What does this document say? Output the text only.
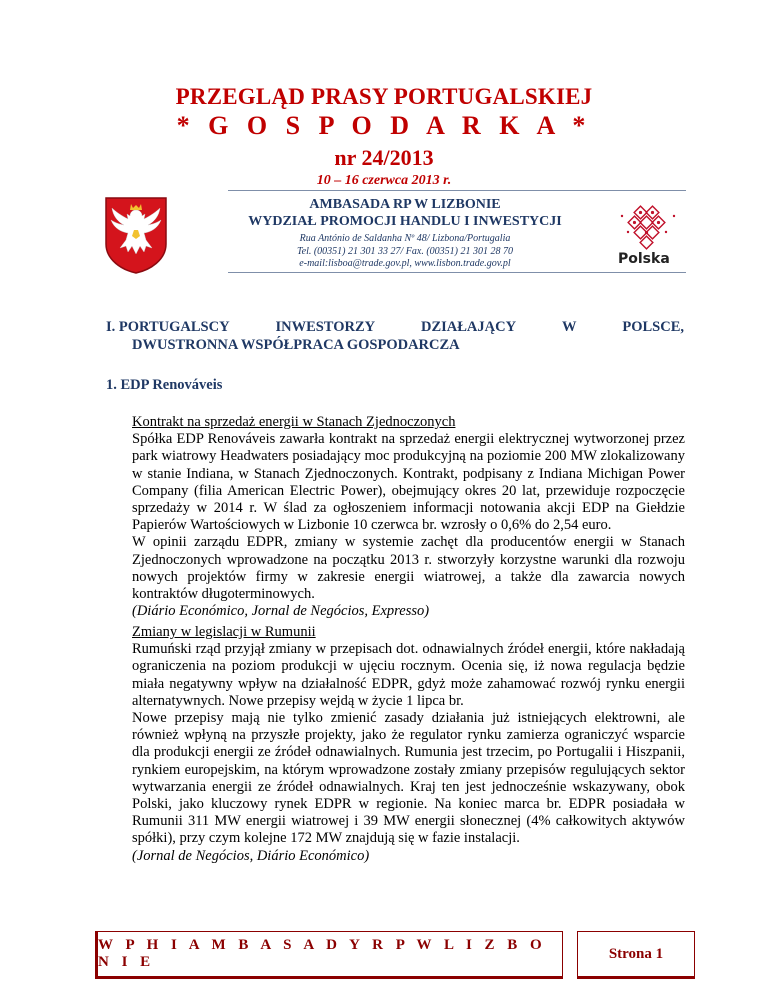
PRZEGLĄD PRASY PORTUGALSKIEJ
* G O S P O D A R K A *
nr 24/2013
10 – 16 czerwca 2013 r.
AMBASADA RP W LIZBONIE
WYDZIAŁ PROMOCJI HANDLU I INWESTYCJI
Rua António de Saldanha Nº 48/ Lizbona/Portugalia
Tel. (00351) 21 301 33 27/ Fax. (00351) 21 301 28 70
e-mail:lisboa@trade.gov.pl, www.lisbon.trade.gov.pl	Polska
I. PORTUGALSCY	INWESTORZY	DZIAŁAJĄCY	W	POLSCE,
DWUSTRONNA WSPÓŁPRACA GOSPODARCZA
1. EDP Renováveis

Kontrakt na sprzedaż energii w Stanach Zjednoczonych

Spółka EDP Renováveis zawarła kontrakt na sprzedaż energii elektrycznej wytworzonej przez park wiatrowy Headwaters posiadający moc produkcyjną na poziomie 200 MW zlokalizowany w stanie Indiana, w Stanach Zjednoczonych. Kontrakt, podpisany z Indiana Michigan Power Company (filia American Electric Power), obejmujący okres 20 lat, przewiduje rozpoczęcie sprzedaży w 2014 r. W ślad za ogłoszeniem informacji notowania akcji EDP na Giełdzie Papierów Wartościowych w Lizbonie 10 czerwca br. wzrosły o 0,6% do 2,54 euro.

W opinii zarządu EDPR, zmiany w systemie zachęt dla producentów energii w Stanach Zjednoczonych wprowadzone na początku 2013 r. stworzyły korzystne warunki dla rozwoju nowych projektów firmy w zakresie energii wiatrowej, a także dla zawarcia nowych kontraktów długoterminowych.

(Diário Económico, Jornal de Negócios, Expresso)

Zmiany w legislacji w Rumunii

Rumuński rząd przyjął zmiany w przepisach dot. odnawialnych źródeł energii, które nakładają ograniczenia na poziom produkcji w ujęciu rocznym. Ocenia się, iż nowa regulacja będzie miała negatywny wpływ na działalność EDPR, gdyż może zahamować rozwój rynku energii alternatywnych. Nowe przepisy wejdą w życie 1 lipca br.

Nowe przepisy mają nie tylko zmienić zasady działania już istniejących elektrowni, ale również wpłyną na przyszłe projekty, jako że regulator rynku zamierza ograniczyć wsparcie dla produkcji energii ze źródeł odnawialnych. Rumunia jest trzecim, po Portugalii i Hiszpanii, rynkiem europejskim, na którym wprowadzone zostały zmiany przepisów regulujących sektor wytwarzania energii ze źródeł odnawialnych. Kraj ten jest jednocześnie wskazywany, obok Polski, jako kluczowy rynek EDPR w regionie. Na koniec marca br. EDPR posiadała w Rumunii 311 MW energii wiatrowej i 39 MW energii słonecznej (4% całkowitych aktywów spółki), przy czym kolejne 172 MW znajdują się w fazie instalacji.

(Jornal de Negócios, Diário Económico)

W P H I A M B A S A D Y R P W L I Z B O N I E
Strona 1
